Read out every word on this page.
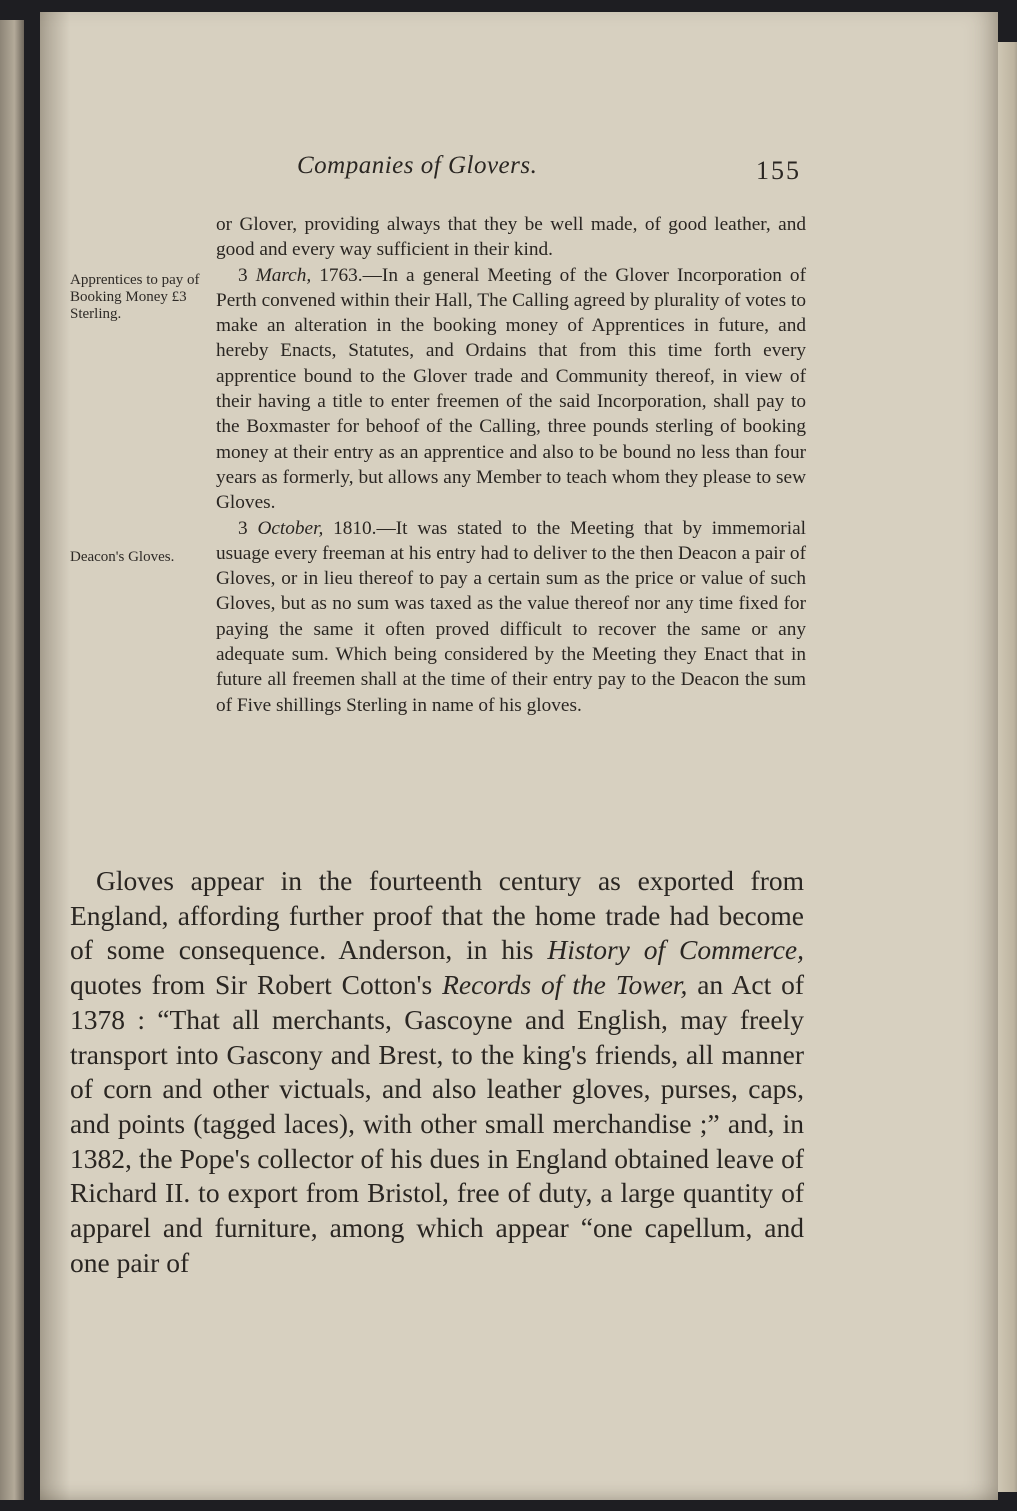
Companies of Glovers.	155
Apprentices to pay of Booking Money £3 Sterling.
Deacon's Gloves.

or Glover, providing always that they be well made, of good leather, and good and every way sufficient in their kind.

3 March, 1763.—In a general Meeting of the Glover Incorporation of Perth convened within their Hall, The Calling agreed by plurality of votes to make an alteration in the booking money of Apprentices in future, and hereby Enacts, Statutes, and Ordains that from this time forth every apprentice bound to the Glover trade and Community thereof, in view of their having a title to enter freemen of the said Incorporation, shall pay to the Boxmaster for behoof of the Calling, three pounds sterling of booking money at their entry as an apprentice and also to be bound no less than four years as formerly, but allows any Member to teach whom they please to sew Gloves.

3 October, 1810.—It was stated to the Meeting that by immemorial usuage every freeman at his entry had to deliver to the then Deacon a pair of Gloves, or in lieu thereof to pay a certain sum as the price or value of such Gloves, but as no sum was taxed as the value thereof nor any time fixed for paying the same it often proved difficult to recover the same or any adequate sum. Which being considered by the Meeting they Enact that in future all freemen shall at the time of their entry pay to the Deacon the sum of Five shillings Sterling in name of his gloves.

Gloves appear in the fourteenth century as exported from England, affording further proof that the home trade had become of some consequence. Anderson, in his History of Commerce, quotes from Sir Robert Cotton's Records of the Tower, an Act of 1378 : “That all merchants, Gascoyne and English, may freely transport into Gascony and Brest, to the king's friends, all manner of corn and other victuals, and also leather gloves, purses, caps, and points (tagged laces), with other small merchandise ;” and, in 1382, the Pope's collector of his dues in England obtained leave of Richard II. to export from Bristol, free of duty, a large quantity of apparel and furniture, among which appear “one capellum, and one pair of
